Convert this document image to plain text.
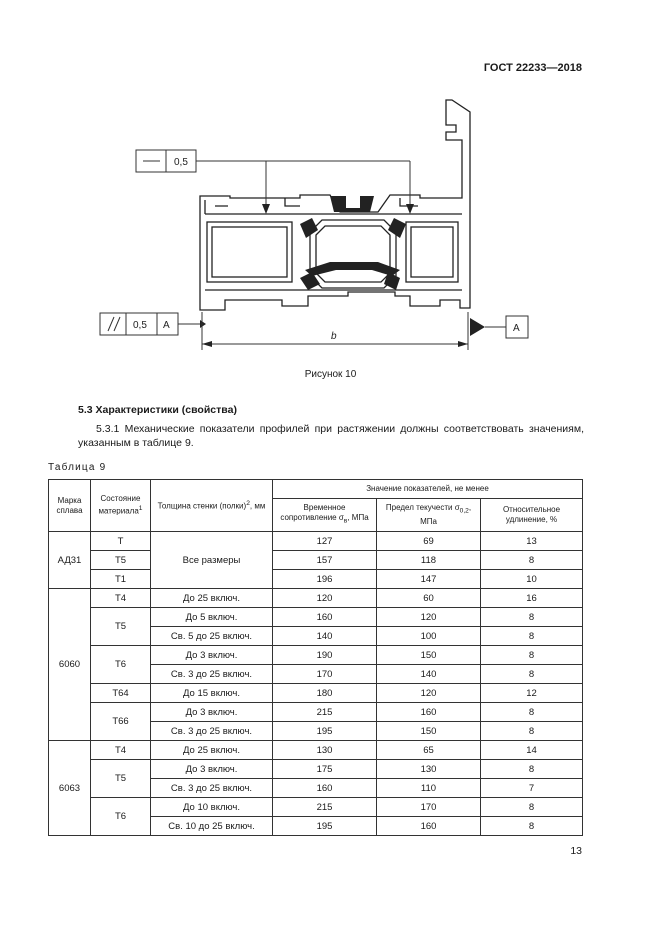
ГОСТ 22233—2018
0,5
0,5 A
b
A
Рисунок 10
5.3 Характеристики (свойства)
5.3.1 Механические показатели профилей при растяжении должны соответствовать значениям, указанным в таблице 9.
Таблица 9
Марка сплава	Состояние материала$^1$	Толщина стенки (полки)$^2$, мм	Значение показателей, не менее		
			Временное сопротивление $\sigma_в$, МПа	Предел текучести $\sigma_{0,2}$, МПа	Относительное удлинение, %
АД31	T	Все размеры	127	69	13
	Т5		157	118	8
	Т1		196	147	10
6060	Т4	До 25 включ.	120	60	16
	Т5	До 5 включ.	160	120	8
		Св. 5 до 25 включ.	140	100	8
	Т6	До 3 включ.	190	150	8
		Св. 3 до 25 включ.	170	140	8
	Т64	До 15 включ.	180	120	12
	Т66	До 3 включ.	215	160	8
		Св. 3 до 25 включ.	195	150	8
6063	Т4	До 25 включ.	130	65	14
	Т5	До 3 включ.	175	130	8
		Св. 3 до 25 включ.	160	110	7
	Т6	До 10 включ.	215	170	8
		Св. 10 до 25 включ.	195	160	8
13
